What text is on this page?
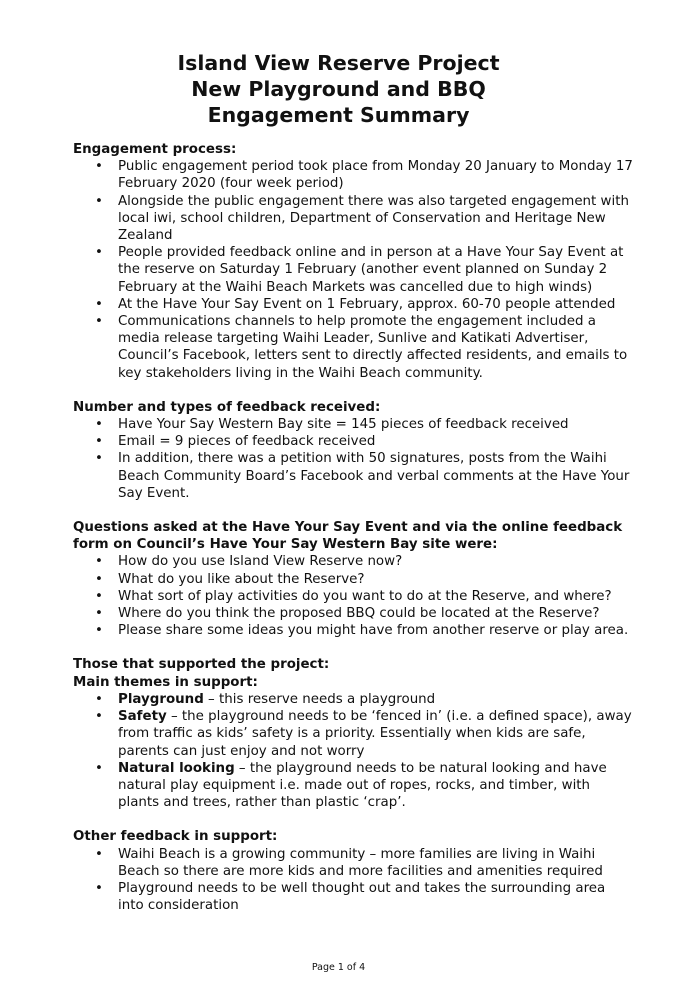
Island View Reserve Project
New Playground and BBQ
Engagement Summary

Engagement process:

• Public engagement period took place from Monday 20 January to Monday 17 February 2020 (four week period)
• Alongside the public engagement there was also targeted engagement with local iwi, school children, Department of Conservation and Heritage New Zealand
• People provided feedback online and in person at a Have Your Say Event at the reserve on Saturday 1 February (another event planned on Sunday 2 February at the Waihi Beach Markets was cancelled due to high winds)
• At the Have Your Say Event on 1 February, approx. 60-70 people attended
• Communications channels to help promote the engagement included a media release targeting Waihi Leader, Sunlive and Katikati Advertiser, Council’s Facebook, letters sent to directly affected residents, and emails to key stakeholders living in the Waihi Beach community.

Number and types of feedback received:

• Have Your Say Western Bay site = 145 pieces of feedback received
• Email = 9 pieces of feedback received
• In addition, there was a petition with 50 signatures, posts from the Waihi Beach Community Board’s Facebook and verbal comments at the Have Your Say Event.

Questions asked at the Have Your Say Event and via the online feedback form on Council’s Have Your Say Western Bay site were:

• How do you use Island View Reserve now?
• What do you like about the Reserve?
• What sort of play activities do you want to do at the Reserve, and where?
• Where do you think the proposed BBQ could be located at the Reserve?
• Please share some ideas you might have from another reserve or play area.

Those that supported the project:

Main themes in support:

• Playground – this reserve needs a playground
• Safety – the playground needs to be ‘fenced in’ (i.e. a defined space), away from traffic as kids’ safety is a priority. Essentially when kids are safe, parents can just enjoy and not worry
• Natural looking – the playground needs to be natural looking and have natural play equipment i.e. made out of ropes, rocks, and timber, with plants and trees, rather than plastic ‘crap’.

Other feedback in support:

• Waihi Beach is a growing community – more families are living in Waihi Beach so there are more kids and more facilities and amenities required
• Playground needs to be well thought out and takes the surrounding area into consideration
Page 1 of 4
